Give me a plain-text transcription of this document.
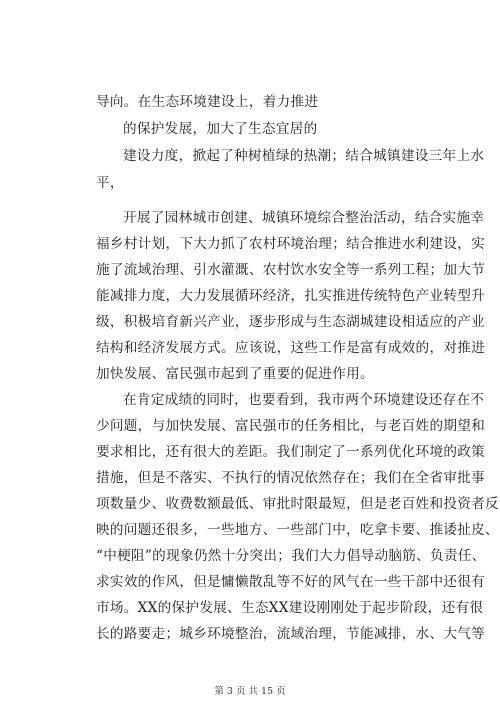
导向。在生态环境建设上，着力推进
的保护发展，加大了生态宜居的
建设力度，掀起了种树植绿的热潮；结合城镇建设三年上水
平，
开展了园林城市创建、城镇环境综合整治活动，结合实施幸
福乡村计划，下大力抓了农村环境治理；结合推进水利建设，实
施了流域治理、引水灌溉、农村饮水安全等一系列工程；加大节
能减排力度，大力发展循环经济，扎实推进传统特色产业转型升
级，积极培育新兴产业，逐步形成与生态湖城建设相适应的产业
结构和经济发展方式。应该说，这些工作是富有成效的，对推进
加快发展、富民强市起到了重要的促进作用。
在肯定成绩的同时，也要看到，我市两个环境建设还存在不
少问题，与加快发展、富民强市的任务相比，与老百姓的期望和
要求相比，还有很大的差距。我们制定了一系列优化环境的政策
措施，但是不落实、不执行的情况依然存在；我们在全省审批事
项数量少、收费数额最低、审批时限最短，但是老百姓和投资者反
映的问题还很多，一些地方、一些部门中，吃拿卡要、推诿扯皮、
“中梗阻”的现象仍然十分突出；我们大力倡导动脑筋、负责任、
求实效的作风，但是慵懒散乱等不好的风气在一些干部中还很有
市场。XX的保护发展、生态XX建设刚刚处于起步阶段，还有很
长的路要走；城乡环境整治，流域治理，节能减排，水、大气等
第 3 页 共 15 页
